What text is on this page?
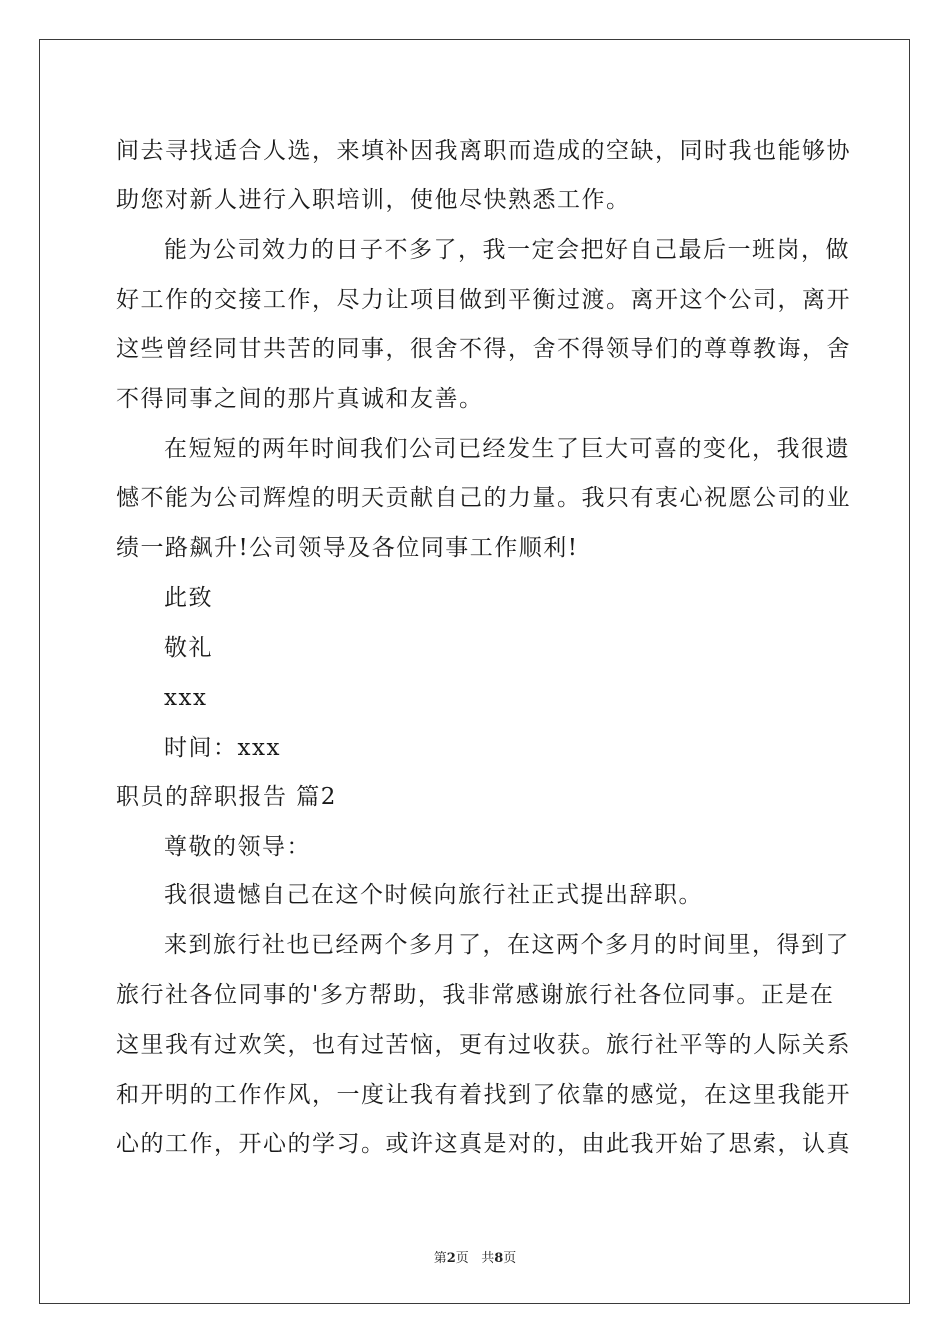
间去寻找适合人选，来填补因我离职而造成的空缺，同时我也能够协
助您对新人进行入职培训，使他尽快熟悉工作。
能为公司效力的日子不多了，我一定会把好自己最后一班岗，做
好工作的交接工作，尽力让项目做到平衡过渡。离开这个公司，离开
这些曾经同甘共苦的同事，很舍不得，舍不得领导们的尊尊教诲，舍
不得同事之间的那片真诚和友善。
在短短的两年时间我们公司已经发生了巨大可喜的变化，我很遗
憾不能为公司辉煌的明天贡献自己的力量。我只有衷心祝愿公司的业
绩一路飙升!公司领导及各位同事工作顺利!
此致
敬礼
xxx
时间：xxx
职员的辞职报告 篇2
尊敬的领导：
我很遗憾自己在这个时候向旅行社正式提出辞职。
来到旅行社也已经两个多月了，在这两个多月的时间里，得到了
旅行社各位同事的'多方帮助，我非常感谢旅行社各位同事。正是在
这里我有过欢笑，也有过苦恼，更有过收获。旅行社平等的人际关系
和开明的工作作风，一度让我有着找到了依靠的感觉，在这里我能开
心的工作，开心的学习。或许这真是对的，由此我开始了思索，认真
第2页 共8页
